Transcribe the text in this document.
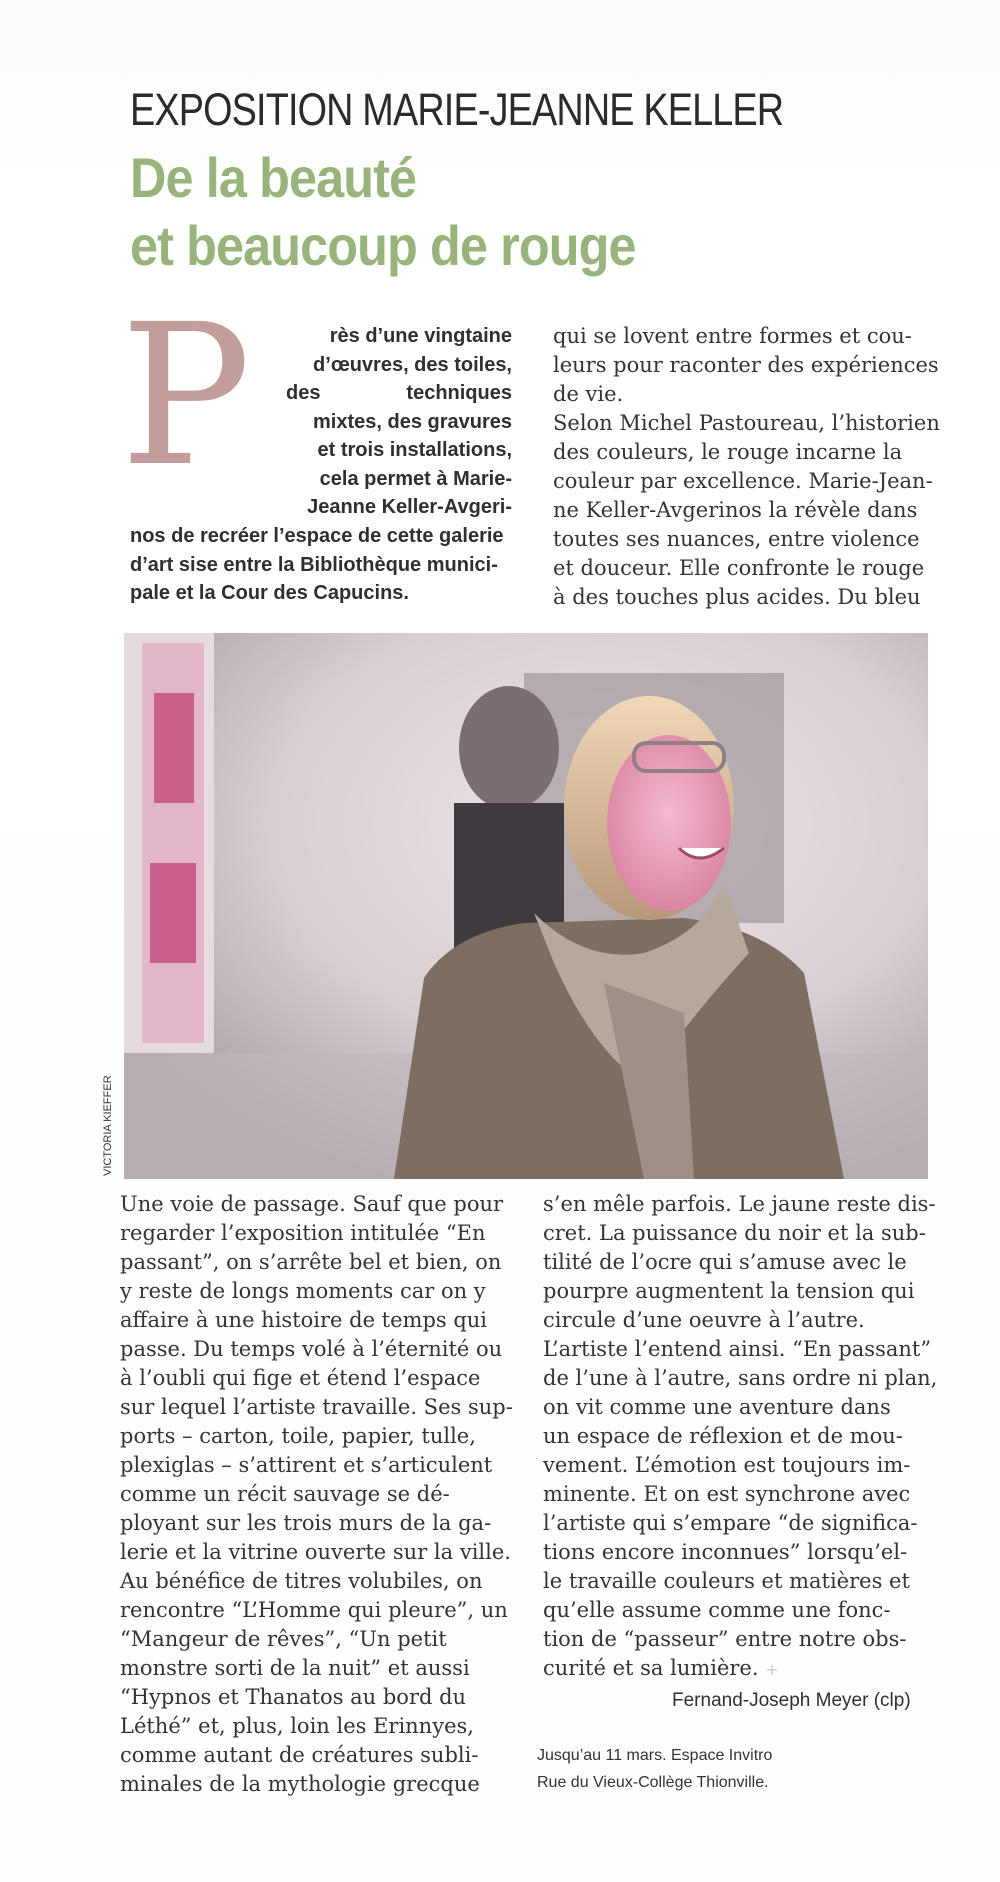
EXPOSITION MARIE-JEANNE KELLER
De la beauté
et beaucoup de rouge
P	rès d’une vingtaine
d’œuvres, des toiles,
des techniques
mixtes, des gravures
et trois installations,
cela permet à Marie-
Jeanne Keller-Avgeri-
nos de recréer l’espace de cette galerie
d’art sise entre la Bibliothèque munici-
pale et la Cour des Capucins.
qui se lovent entre formes et cou-
leurs pour raconter des expériences
de vie.
Selon Michel Pastoureau, l’historien
des couleurs, le rouge incarne la
couleur par excellence. Marie-Jean-
ne Keller-Avgerinos la révèle dans
toutes ses nuances, entre violence
et douceur. Elle confronte le rouge
à des touches plus acides. Du bleu
VICTORIA KIEFFER
Une voie de passage. Sauf que pour
regarder l’exposition intitulée “En
passant”, on s’arrête bel et bien, on
y reste de longs moments car on y
affaire à une histoire de temps qui
passe. Du temps volé à l’éternité ou
à l’oubli qui fige et étend l’espace
sur lequel l’artiste travaille. Ses sup-
ports – carton, toile, papier, tulle,
plexiglas – s’attirent et s’articulent
comme un récit sauvage se dé-
ployant sur les trois murs de la ga-
lerie et la vitrine ouverte sur la ville.
Au bénéfice de titres volubiles, on
rencontre “L’Homme qui pleure”, un
“Mangeur de rêves”, “Un petit
monstre sorti de la nuit” et aussi
“Hypnos et Thanatos au bord du
Léthé” et, plus, loin les Erinnyes,
comme autant de créatures subli-
minales de la mythologie grecque
s’en mêle parfois. Le jaune reste dis-
cret. La puissance du noir et la sub-
tilité de l’ocre qui s’amuse avec le
pourpre augmentent la tension qui
circule d’une oeuvre à l’autre.
L’artiste l’entend ainsi. “En passant”
de l’une à l’autre, sans ordre ni plan,
on vit comme une aventure dans
un espace de réflexion et de mou-
vement. L’émotion est toujours im-
minente. Et on est synchrone avec
l’artiste qui s’empare “de significa-
tions encore inconnues” lorsqu’el-
le travaille couleurs et matières et
qu’elle assume comme une fonc-
tion de “passeur” entre notre obs-
curité et sa lumière. +
Fernand-Joseph Meyer (clp)
Jusqu’au 11 mars. Espace Invitro
Rue du Vieux-Collège Thionville.
